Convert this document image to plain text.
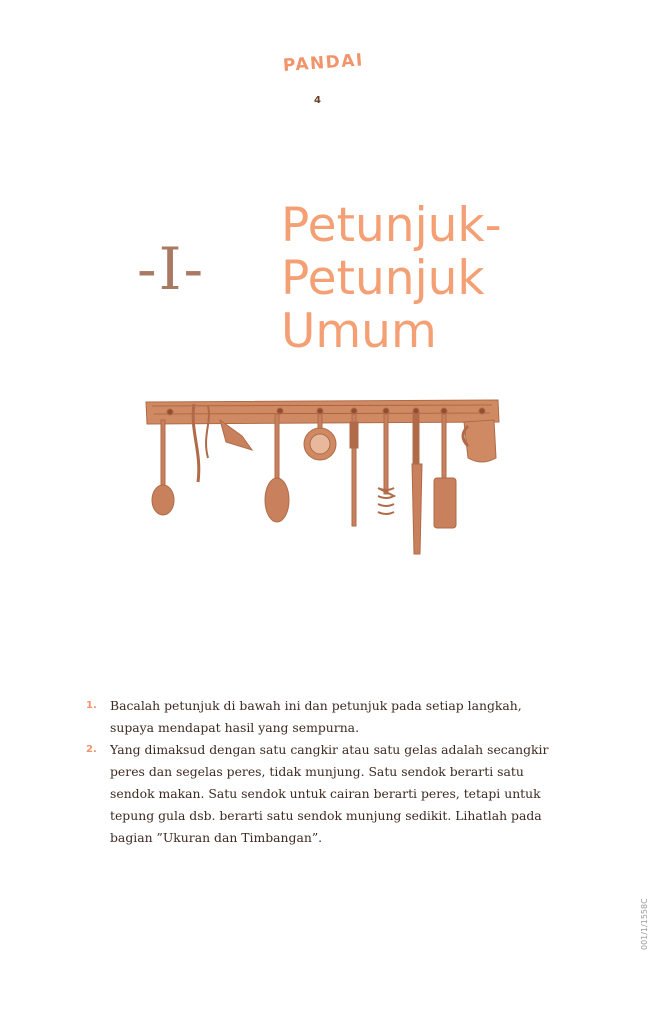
PANDAI
4
-I-
Petunjuk-
Petunjuk
Umum
1. Bacalah petunjuk di bawah ini dan petunjuk pada setiap langkah, supaya mendapat hasil yang sempurna.
2. Yang dimaksud dengan satu cangkir atau satu gelas adalah secangkir peres dan segelas peres, tidak munjung. Satu sendok berarti satu sendok makan. Satu sendok untuk cairan berarti peres, tetapi untuk tepung gula dsb. berarti satu sendok munjung sedikit. Lihatlah pada bagian ”Ukuran dan Timbangan”.
001/1/1558C
